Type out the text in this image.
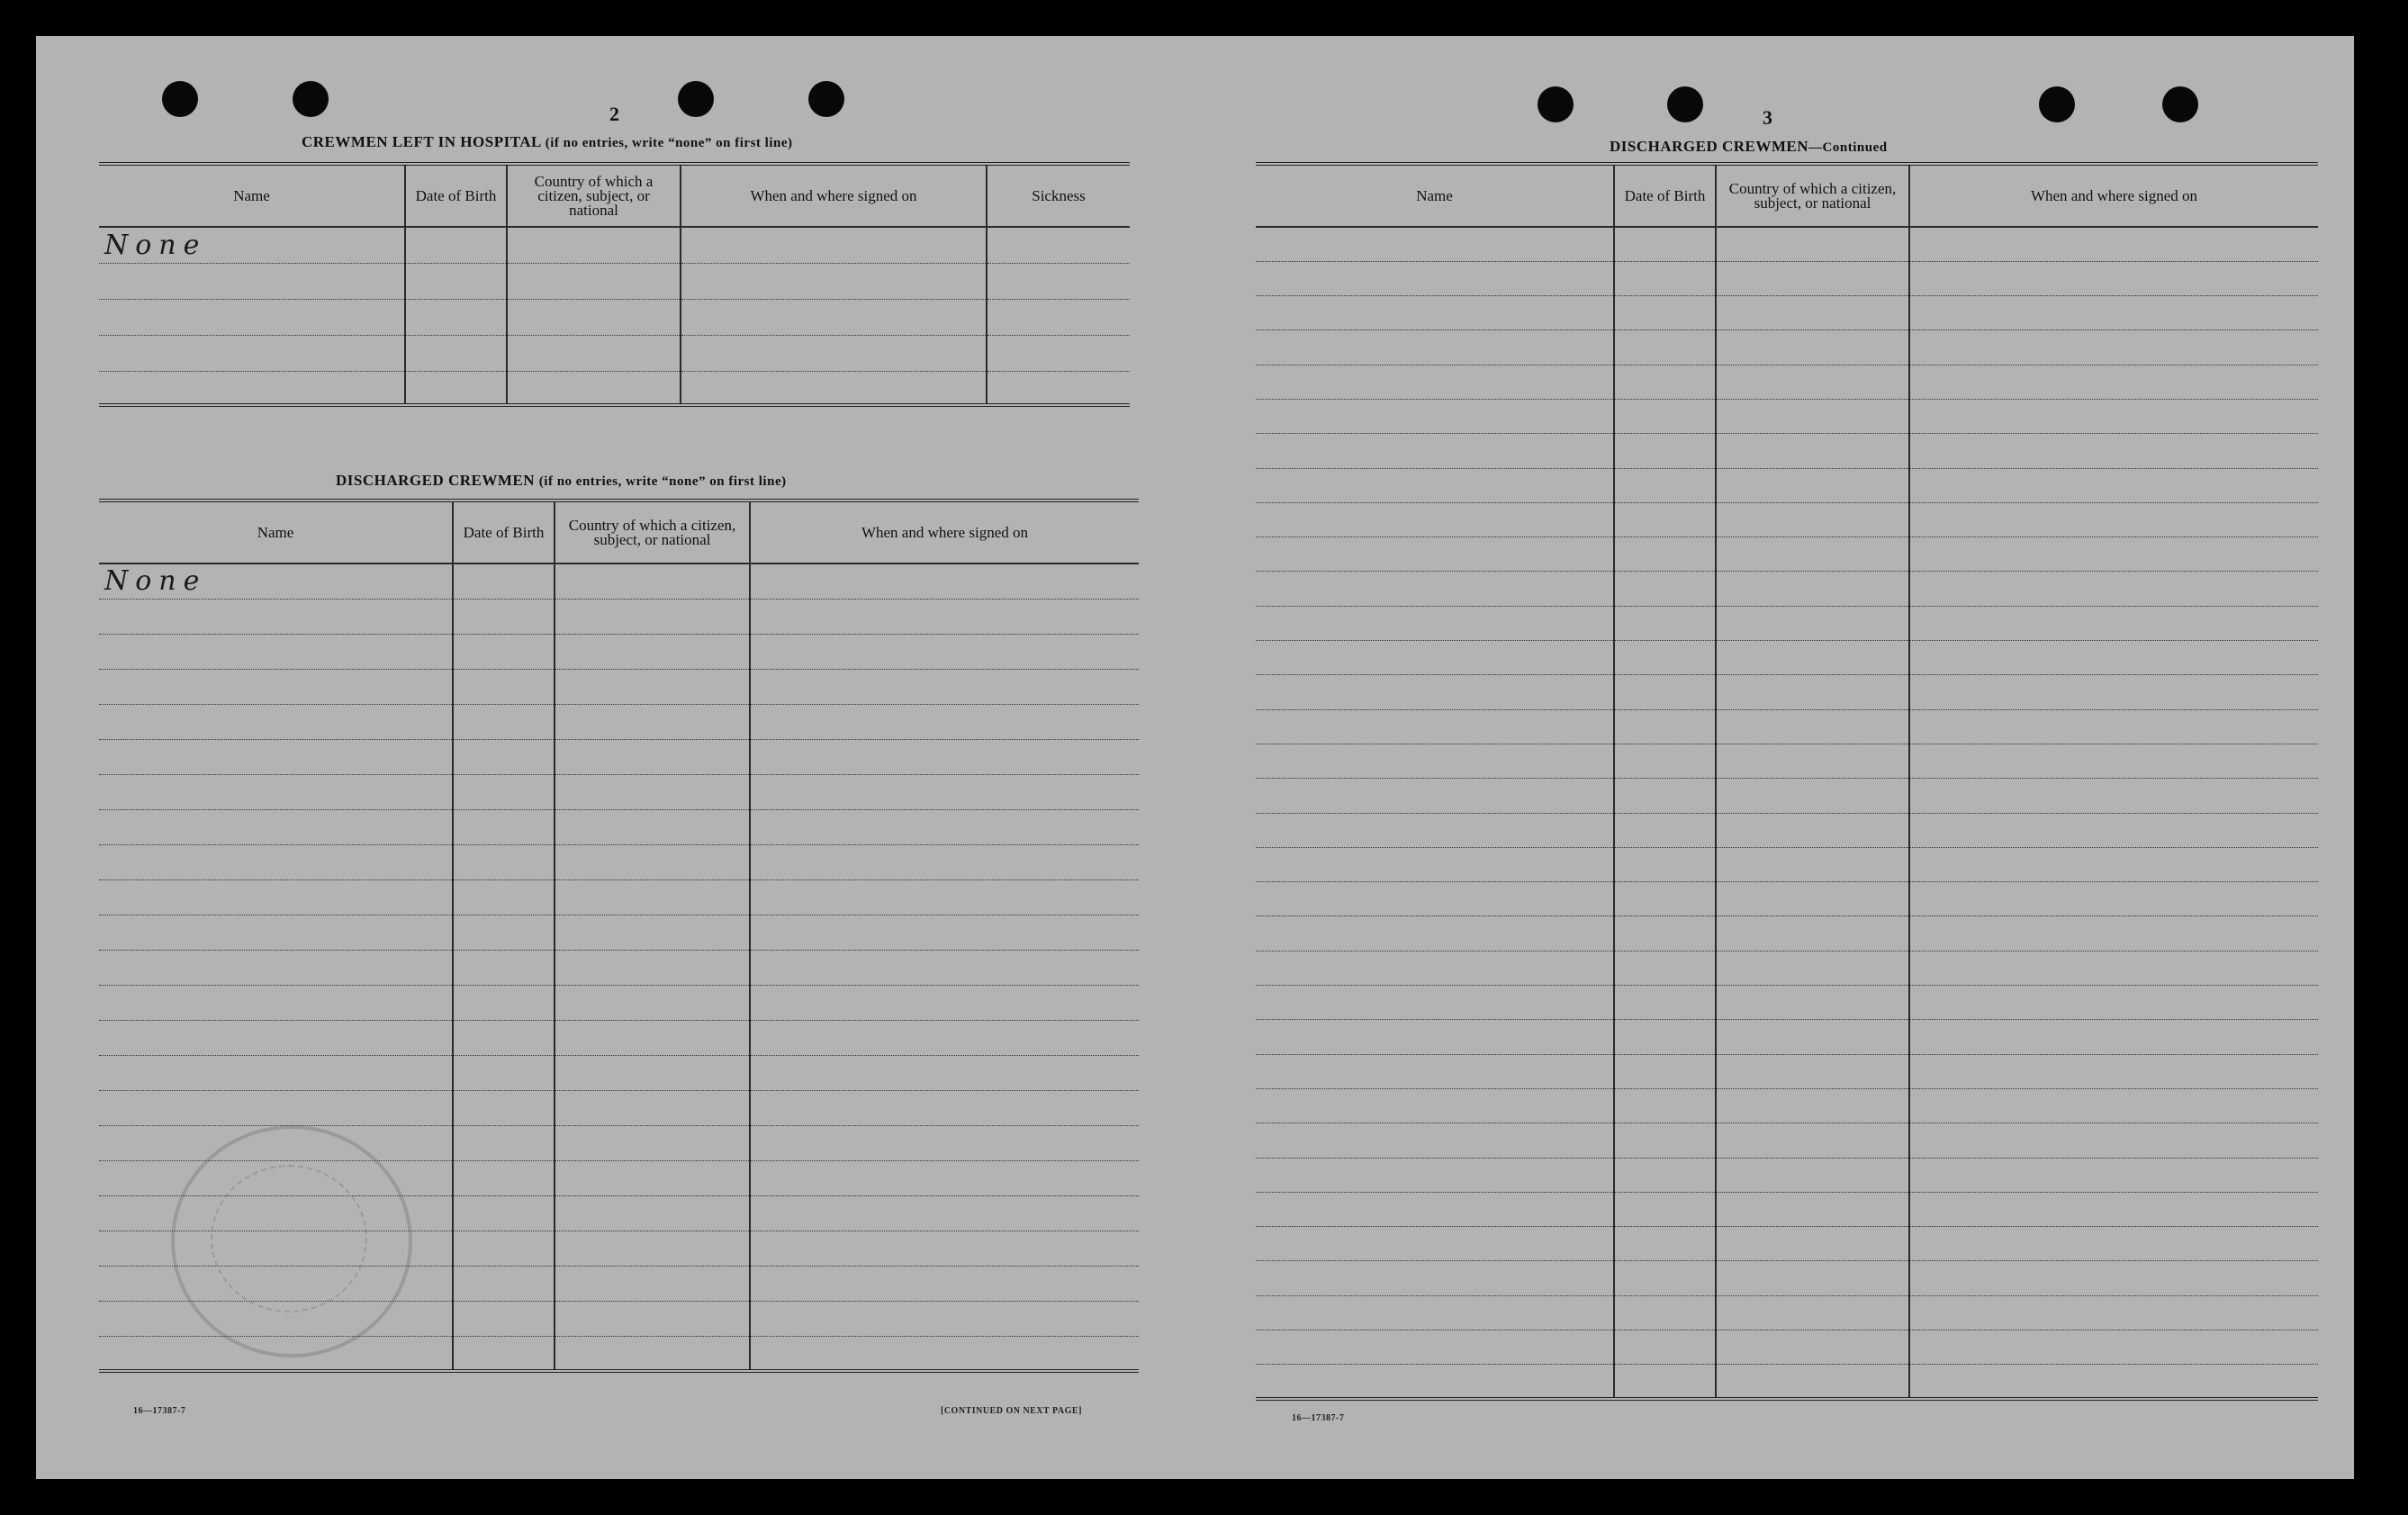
2
CREWMEN LEFT IN HOSPITAL (if no entries, write “none” on first line)
Name	Date of Birth	Country of which a citizen, subject, or national	When and where signed on	Sickness
None				

DISCHARGED CREWMEN (if no entries, write “none” on first line)
Name	Date of Birth	Country of which a citizen, subject, or national	When and where signed on
None			

16—17387-7	[CONTINUED ON NEXT PAGE]
3
DISCHARGED CREWMEN—Continued
Name	Date of Birth	Country of which a citizen, subject, or national	When and where signed on

16—17387-7
